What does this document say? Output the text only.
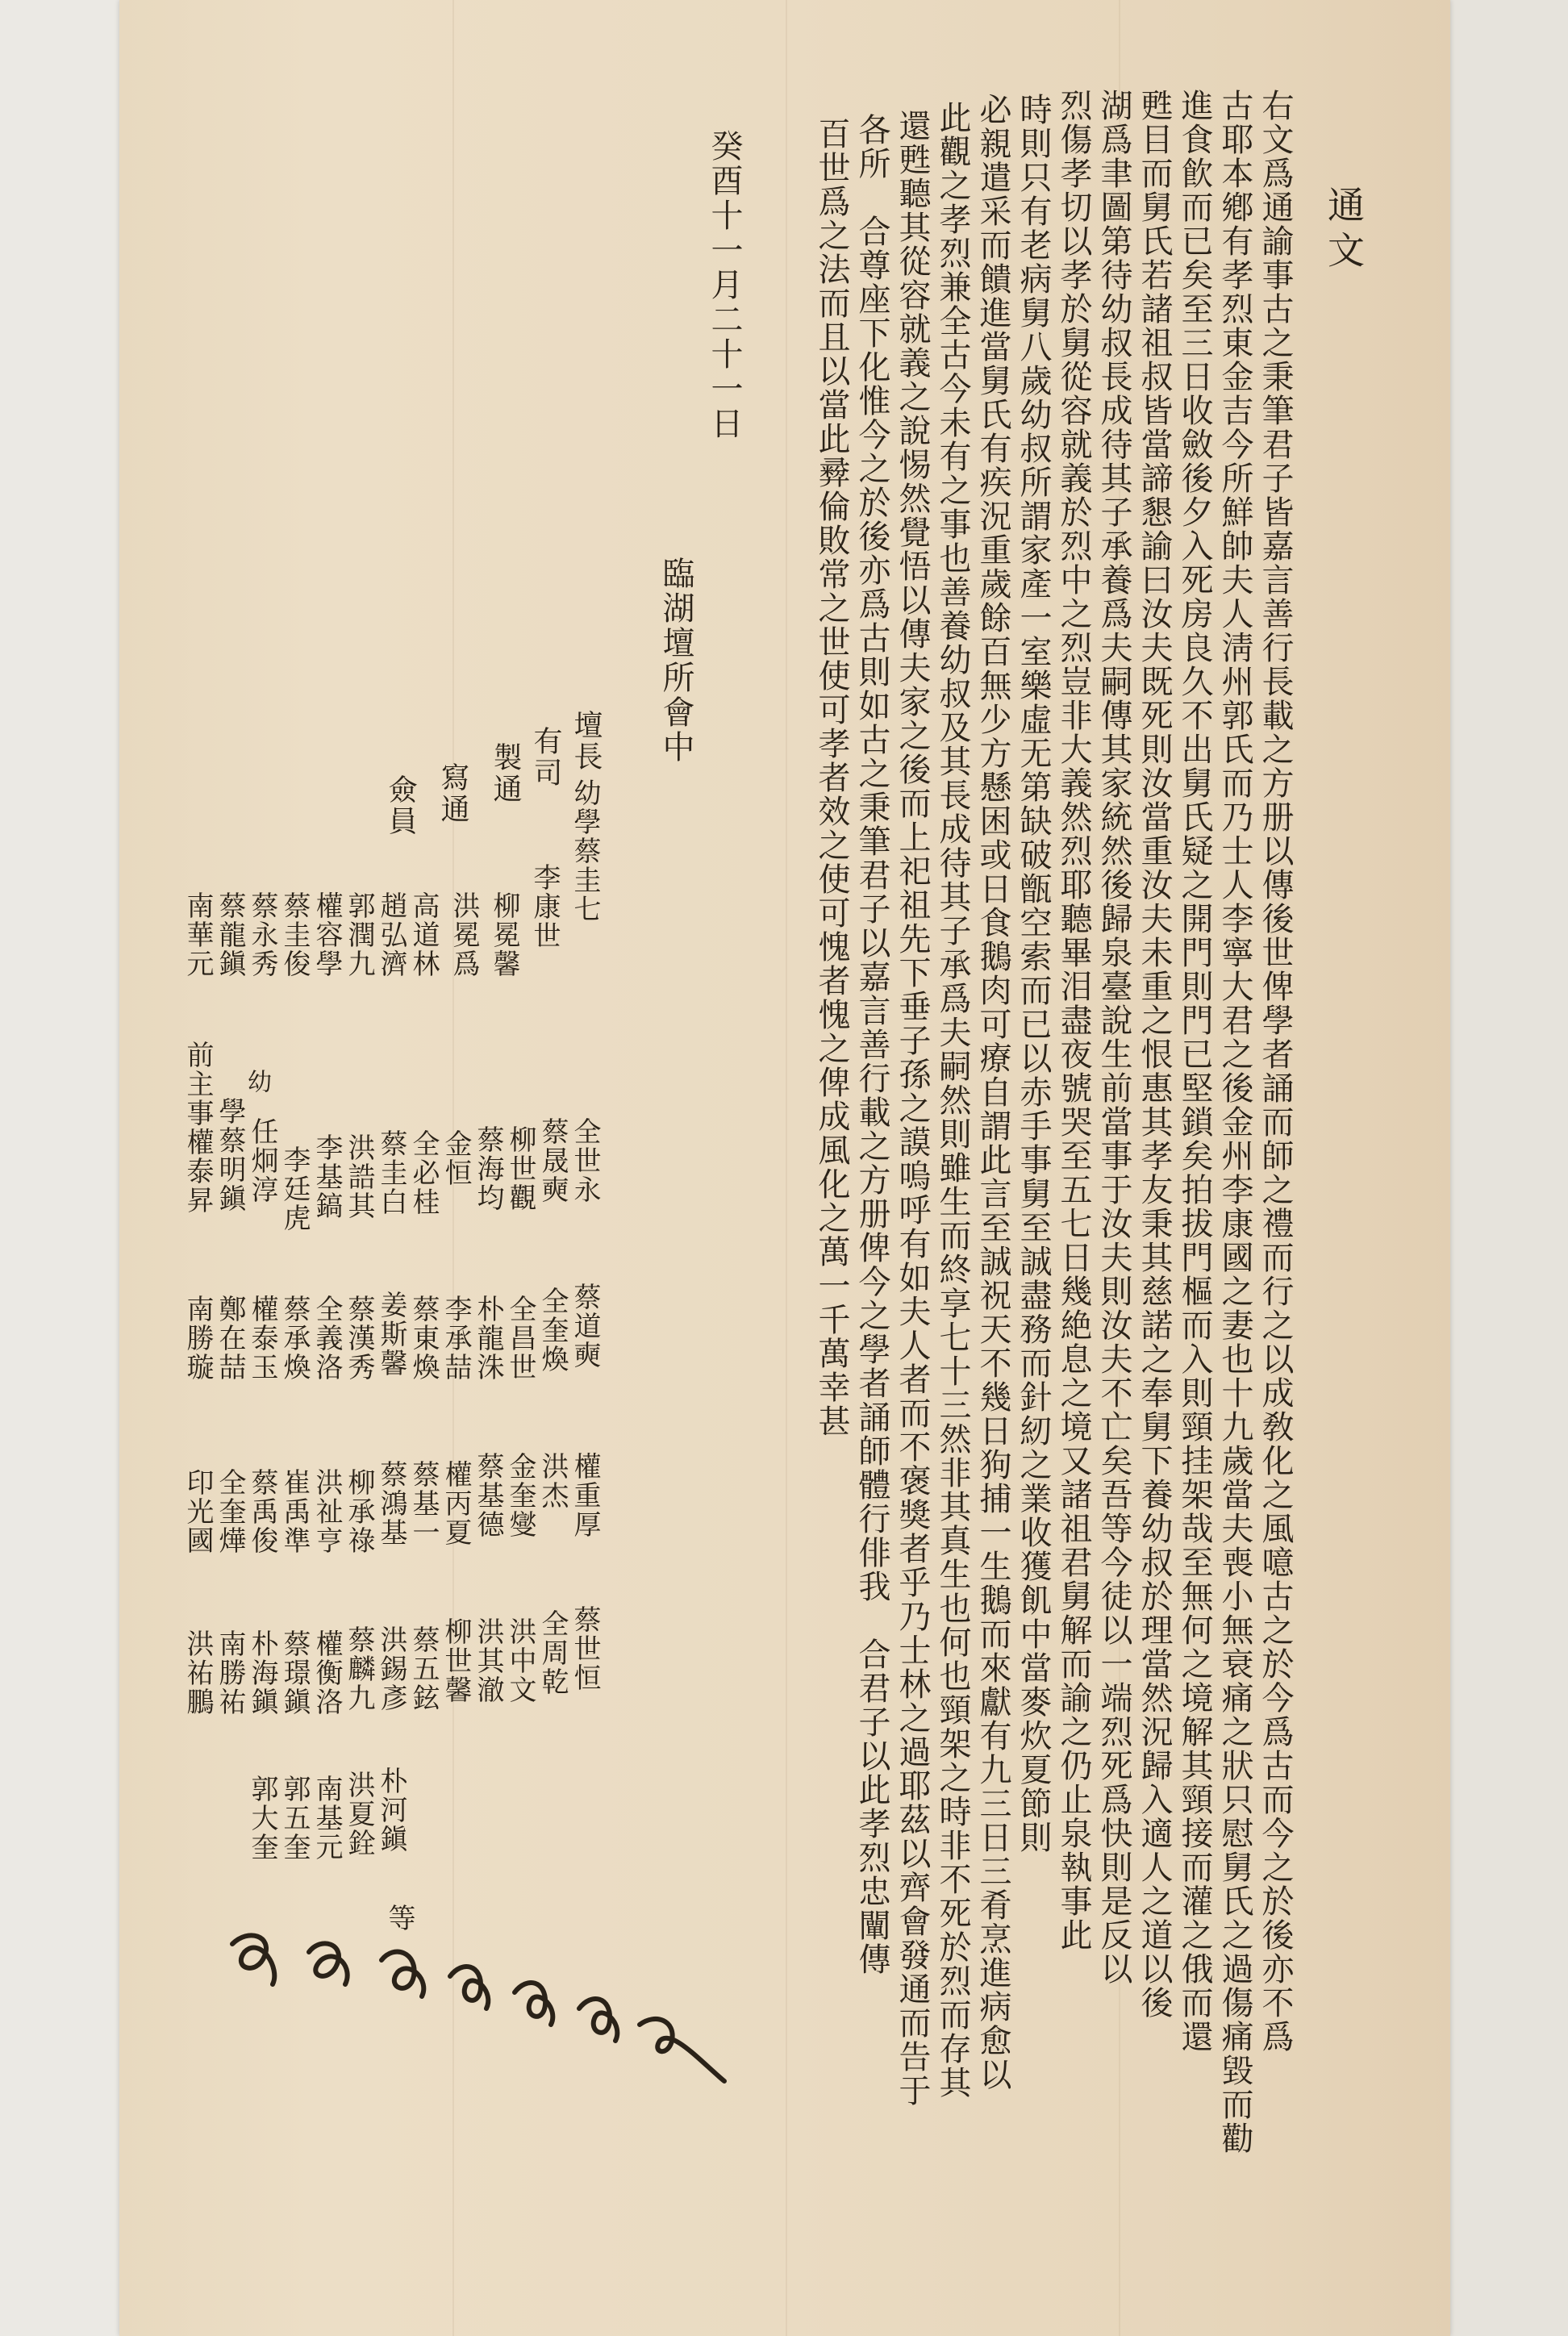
通文
右文爲通諭事古之秉筆君子皆嘉言善行長載之方册以傳後世俾學者誦而師之禮而行之以成敎化之風噫古之於今爲古而今之於後亦不爲
古耶本鄕有孝烈東金吉今所鮮帥夫人淸州郭氏而乃士人李寧大君之後金州李康國之妻也十九歲當夫喪小無衰痛之狀只慰舅氏之過傷痛毀而勸
進食飮而已矣至三日收斂後夕入死房良久不出舅氏疑之開門則門已堅鎖矣拍拔門樞而入則頸挂架哉至無何之境解其頸接而灌之俄而還
甦目而舅氏若諸祖叔皆當諦懇諭曰汝夫既死則汝當重汝夫未重之恨惠其孝友秉其慈諾之奉舅下養幼叔於理當然況歸入適人之道以後
湖爲聿圖第待幼叔長成待其子承養爲夫嗣傳其家統然後歸泉臺說生前當事于汝夫則汝夫不亡矣吾等今徒以一端烈死爲快則是反以
烈傷孝切以孝於舅從容就義於烈中之烈豈非大義然烈耶聽畢泪盡夜號哭至五七日幾絶息之境又諸祖君舅解而諭之仍止泉執事此
時則只有老病舅八歲幼叔所謂家產一室樂虛无第缺破甑空索而已以赤手事舅至誠盡務而針紉之業收獲飢中當麥炊夏節則
必親遣采而饋進當舅氏有疾況重歲餘百無少方懸困或日食鵝肉可療自謂此言至誠祝天不幾日狗捕一生鵝而來獻有九三日三肴烹進病愈以
此觀之孝烈兼全古今未有之事也善養幼叔及其長成待其子承爲夫嗣然則雖生而終享七十三然非其真生也何也頸架之時非不死於烈而存其
還甦聽其從容就義之說惕然覺悟以傳夫家之後而上祀祖先下垂子孫之謨嗚呼有如夫人者而不褒獎者乎乃士林之過耶茲以齊會發通而告于
各所　合尊座下化惟今之於後亦爲古則如古之秉筆君子以嘉言善行載之方册俾今之學者誦師體行俳我　合君子以此孝烈忠闡傳
百世爲之法而且以當此彛倫敗常之世使可孝者效之使可愧者愧之俾成風化之萬一千萬幸甚
癸酉十一月二十一日
臨湖壇所會中
壇長
幼學蔡圭七
有司
李康世
製通
柳冕馨
寫通
洪冕爲
僉員
高道林
趙弘濟
郭潤九
權容學
蔡圭俊
蔡永秀
蔡龍鎭
南華元
全世永
蔡晟奭
柳世觀
蔡海均
金恒
全必桂
蔡圭白
洪誥其
李基鎬
李廷虎
任炯淳
學蔡明鎭
幼
前主事權泰昇
蔡道奭
全奎煥
全昌世
朴龍洙
李承喆
蔡東煥
姜斯馨
蔡漢秀
全義洛
蔡承煥
權泰玉
鄭在喆
南勝璇
權重厚
洪杰
金奎燮
蔡基德
權丙夏
蔡基一
蔡鴻基
柳承祿
洪祉亨
崔禹準
蔡禹俊
全奎燁
印光國
蔡世恒
全周乾
洪中文
洪其澈
柳世馨
蔡五鉉
洪錫彥
蔡麟九
權衡洛
蔡璟鎭
朴海鎭
南勝祐
洪祐鵬
朴河鎭
洪夏銓
南基元
郭五奎
郭大奎
等
